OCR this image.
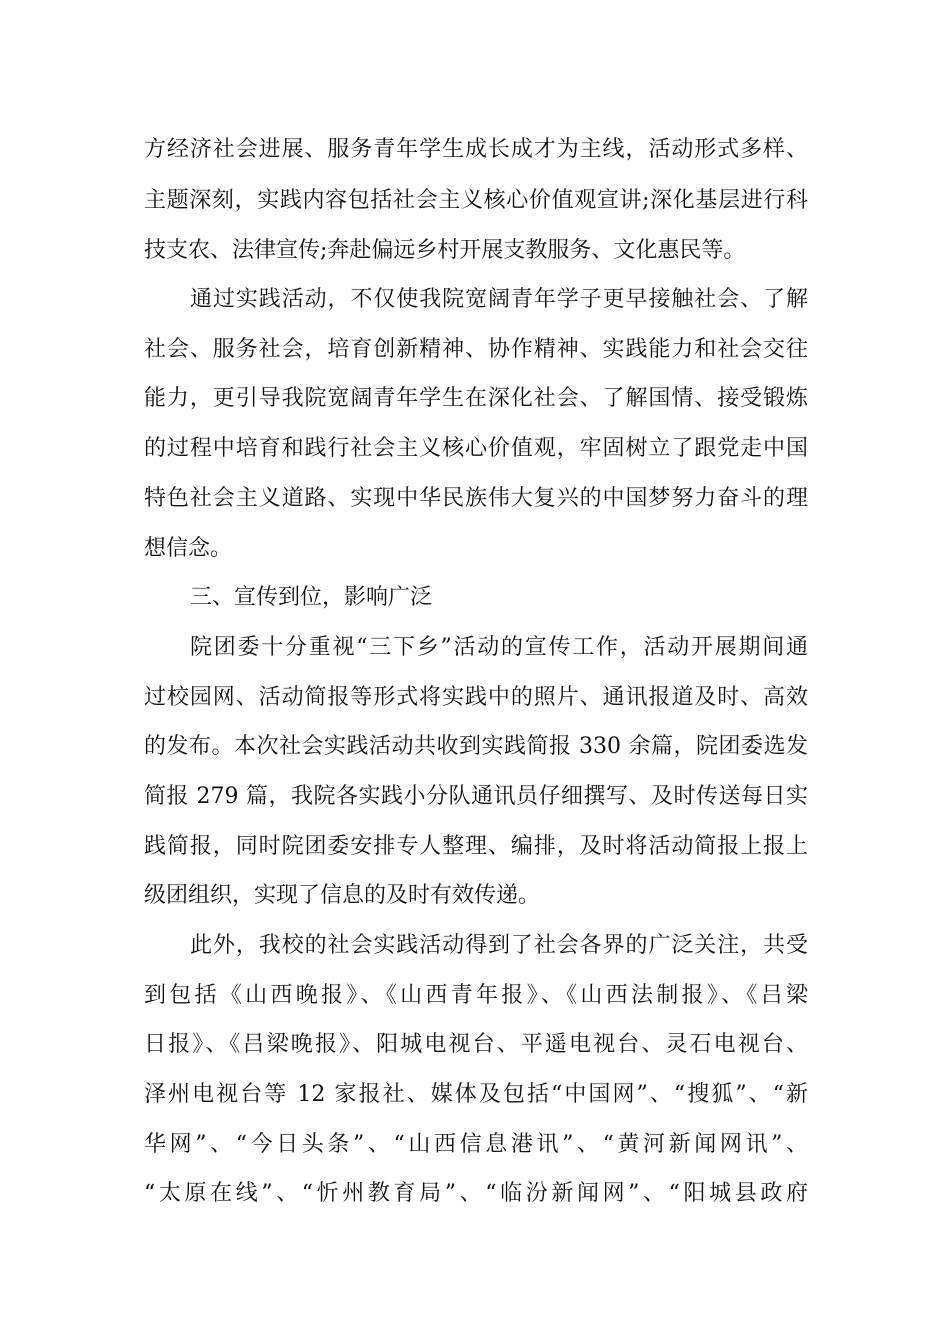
方经济社会进展、服务青年学生成长成才为主线，活动形式多样、
主题深刻，实践内容包括社会主义核心价值观宣讲;深化基层进行科
技支农、法律宣传;奔赴偏远乡村开展支教服务、文化惠民等。
通过实践活动，不仅使我院宽阔青年学子更早接触社会、了解
社会、服务社会，培育创新精神、协作精神、实践能力和社会交往
能力，更引导我院宽阔青年学生在深化社会、了解国情、接受锻炼
的过程中培育和践行社会主义核心价值观，牢固树立了跟党走中国
特色社会主义道路、实现中华民族伟大复兴的中国梦努力奋斗的理
想信念。
三、宣传到位，影响广泛
院团委十分重视“三下乡”活动的宣传工作，活动开展期间通
过校园网、活动简报等形式将实践中的照片、通讯报道及时、高效
的发布。本次社会实践活动共收到实践简报 330 余篇，院团委选发
简报 279 篇，我院各实践小分队通讯员仔细撰写、及时传送每日实
践简报，同时院团委安排专人整理、编排，及时将活动简报上报上
级团组织，实现了信息的及时有效传递。
此外，我校的社会实践活动得到了社会各界的广泛关注，共受
到包括《山西晚报》、《山西青年报》、《山西法制报》、《吕梁
日报》、《吕梁晚报》、阳城电视台、平遥电视台、灵石电视台、
泽州电视台等 12 家报社、媒体及包括“中国网”、“搜狐”、“新
华网”、“今日头条”、“山西信息港讯”、“黄河新闻网讯”、
“太原在线”、“忻州教育局”、“临汾新闻网”、“阳城县政府
